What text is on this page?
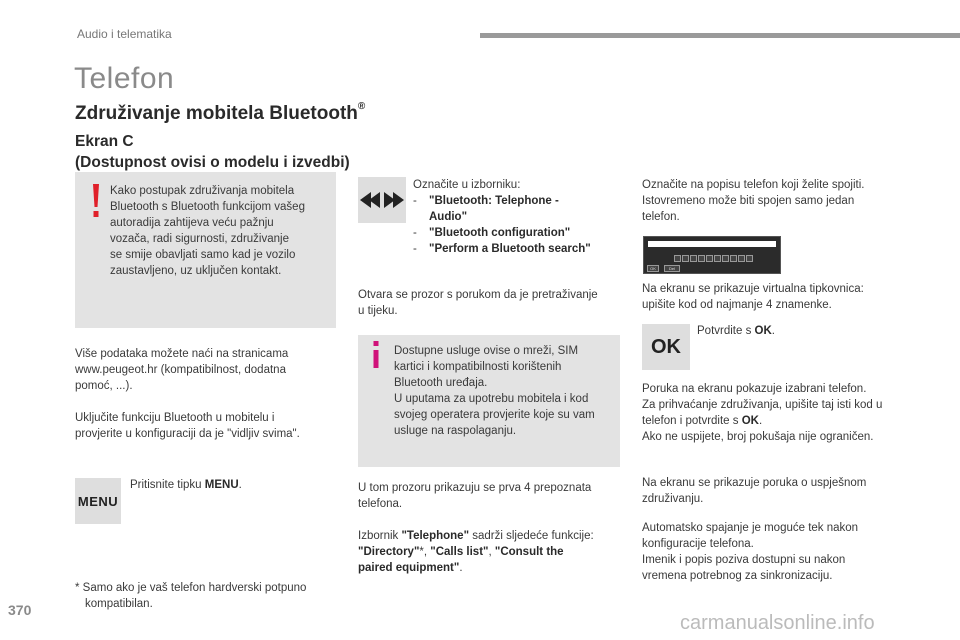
Audio i telematika
Telefon
Združivanje mobitela Bluetooth®
Ekran C
(Dostupnost ovisi o modelu i izvedbi)
Kako postupak združivanja mobitela
Bluetooth s Bluetooth funkcijom vašeg
autoradija zahtijeva veću pažnju
vozača, radi sigurnosti, združivanje
se smije obavljati samo kad je vozilo
zaustavljeno, uz uključen kontakt.
Više podataka možete naći na stranicama
www.peugeot.hr (kompatibilnost, dodatna
pomoć, ...).
Uključite funkciju Bluetooth u mobitelu i
provjerite u konfiguraciji da je "vidljiv svima".
MENU
Pritisnite tipku MENU.
* Samo ako je vaš telefon hardverski potpuno
kompatibilan.
Označite u izborniku:
-	"Bluetooth: Telephone -
Audio"
-	"Bluetooth configuration"
-	"Perform a Bluetooth search"
Otvara se prozor s porukom da je pretraživanje
u tijeku.
Dostupne usluge ovise o mreži, SIM
kartici i kompatibilnosti korištenih
Bluetooth uređaja.
U uputama za upotrebu mobitela i kod
svojeg operatera provjerite koje su vam
usluge na raspolaganju.
U tom prozoru prikazuju se prva 4 prepoznata
telefona.
Izbornik "Telephone" sadrži sljedeće funkcije:
"Directory"*, "Calls list", "Consult the
paired equipment".
Označite na popisu telefon koji želite spojiti.
Istovremeno može biti spojen samo jedan
telefon.
OK	Del
Na ekranu se prikazuje virtualna tipkovnica:
upišite kod od najmanje 4 znamenke.
OK
Potvrdite s OK.
Poruka na ekranu pokazuje izabrani telefon.
Za prihvaćanje združivanja, upišite taj isti kod u
telefon i potvrdite s OK.
Ako ne uspijete, broj pokušaja nije ograničen.
Na ekranu se prikazuje poruka o uspješnom
združivanju.
Automatsko spajanje je moguće tek nakon
konfiguracije telefona.
Imenik i popis poziva dostupni su nakon
vremena potrebnog za sinkronizaciju.
370
carmanualsonline.info
